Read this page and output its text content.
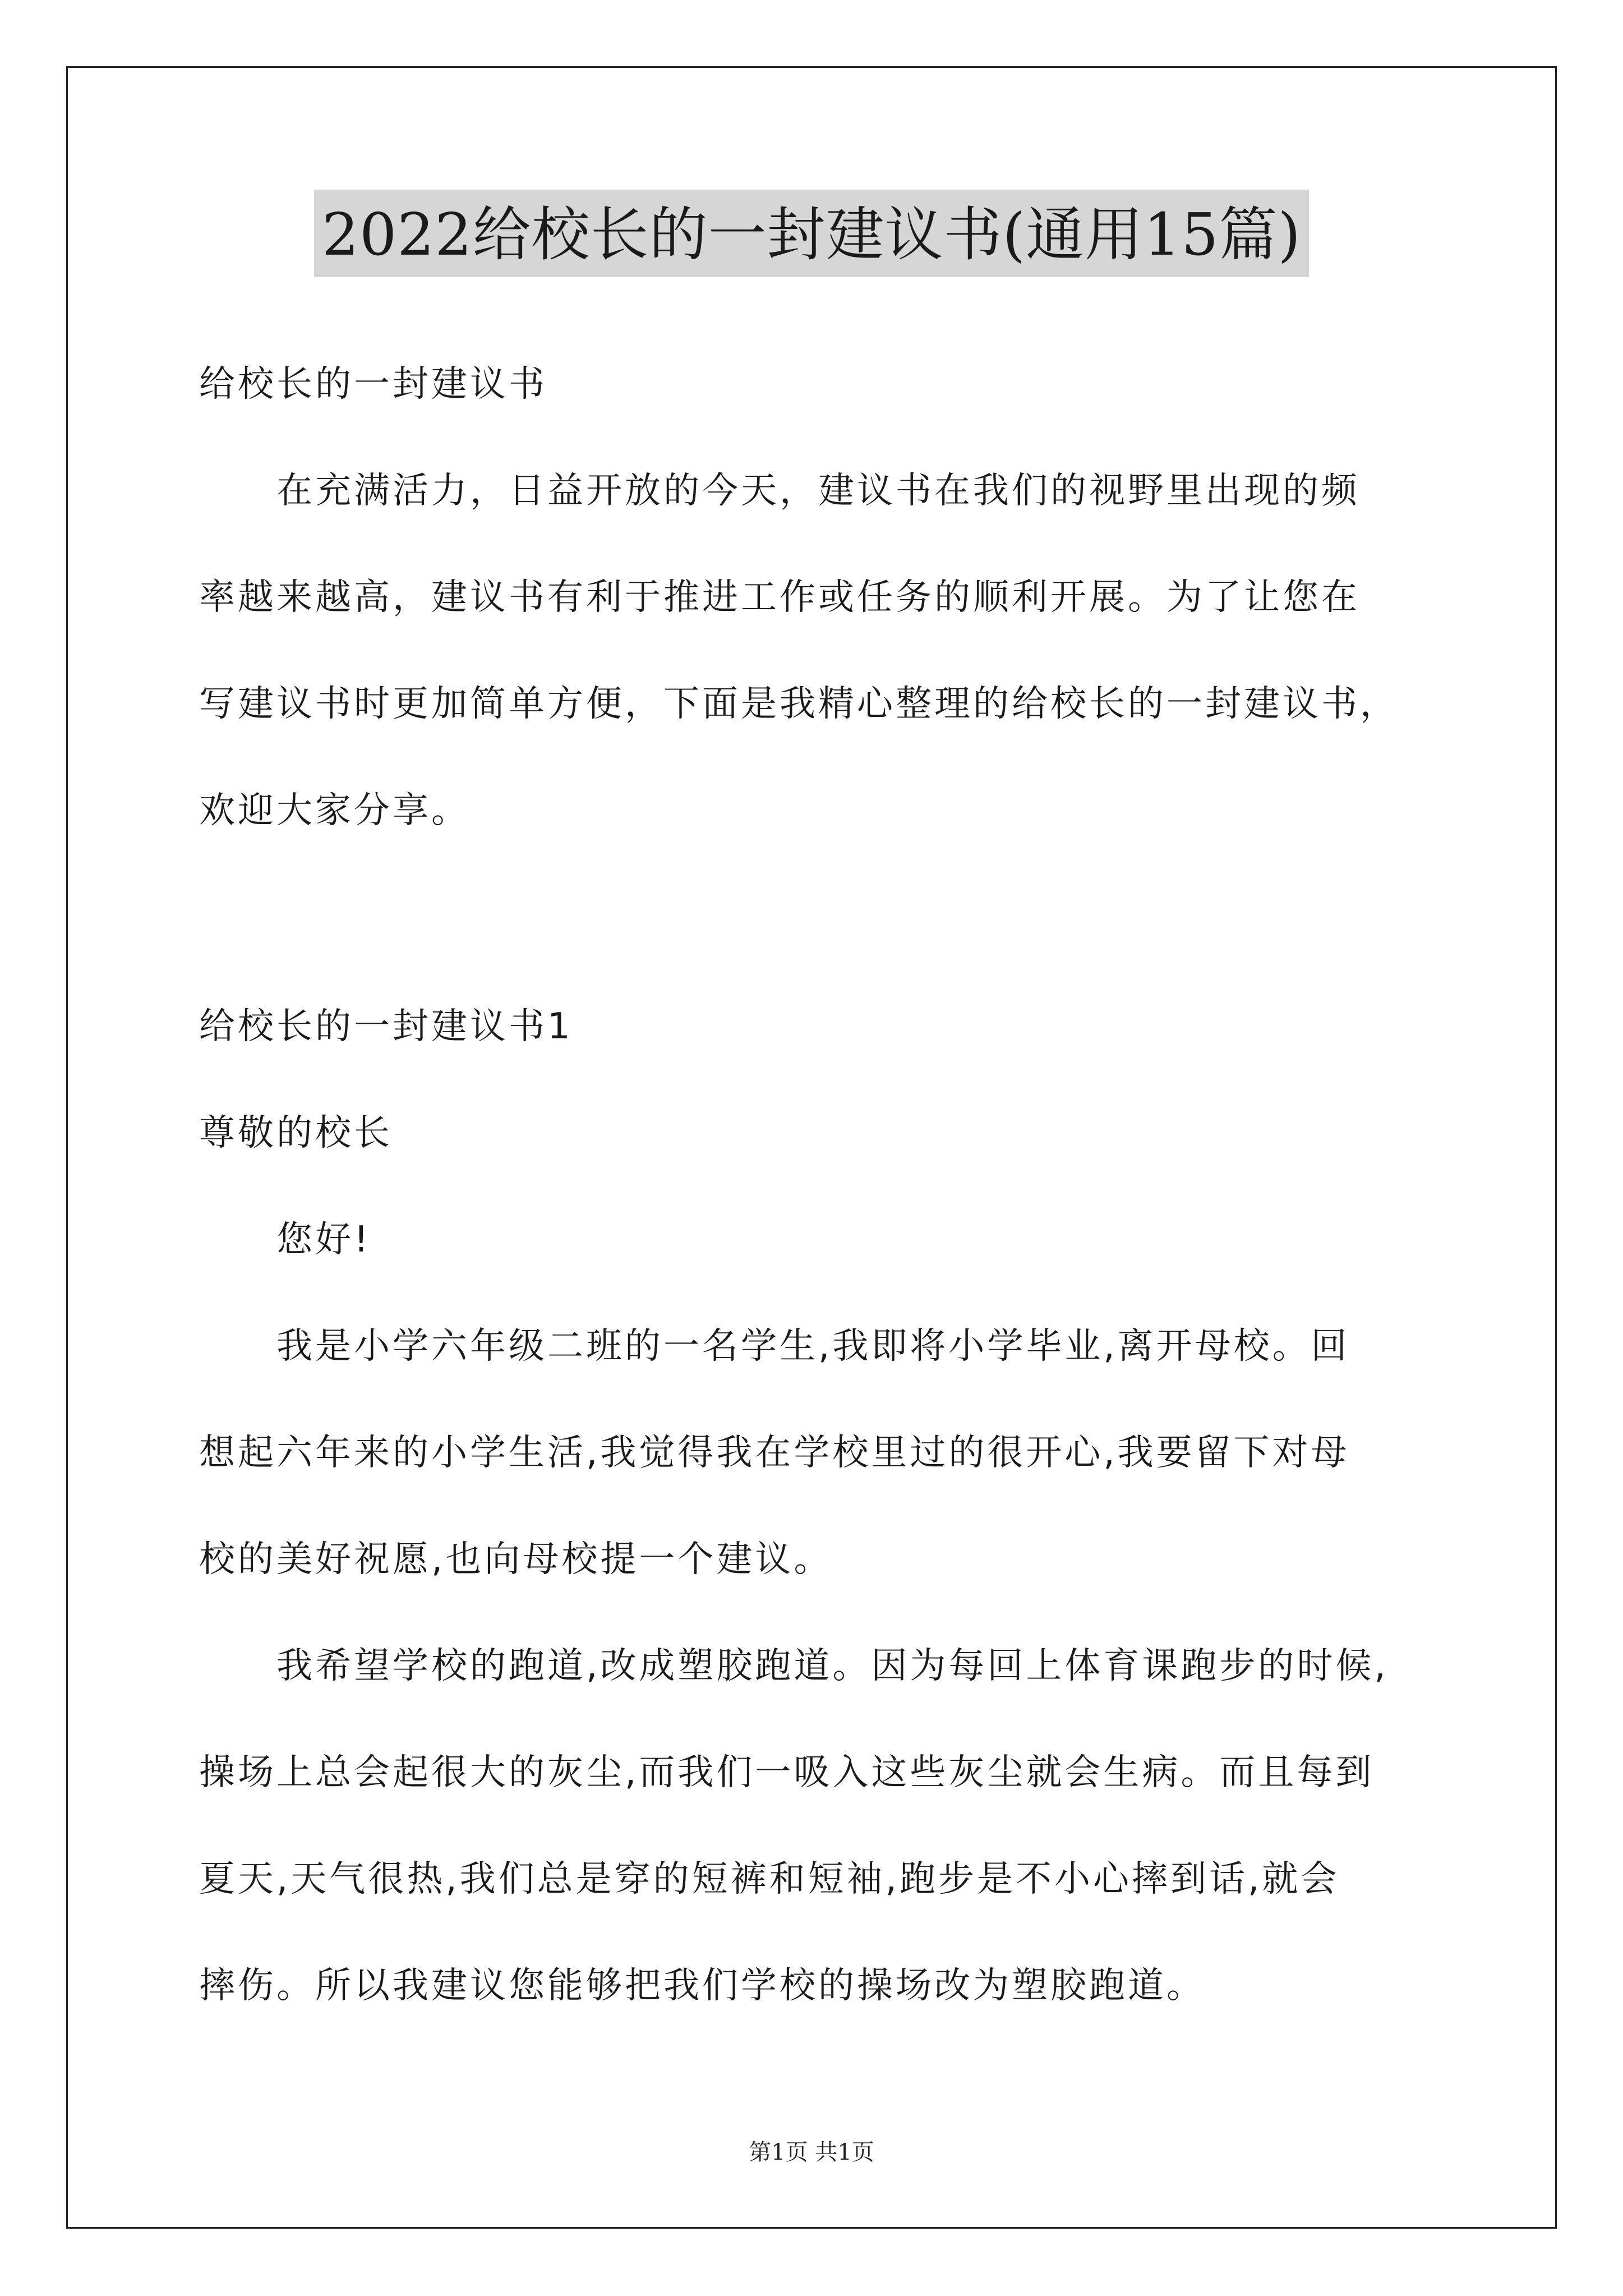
2022给校长的一封建议书(通用15篇)
给校长的一封建议书
　　在充满活力，日益开放的今天，建议书在我们的视野里出现的频
率越来越高，建议书有利于推进工作或任务的顺利开展。为了让您在
写建议书时更加简单方便，下面是我精心整理的给校长的一封建议书，
欢迎大家分享。
给校长的一封建议书1
尊敬的校长
　　您好!
　　我是小学六年级二班的一名学生,我即将小学毕业,离开母校。回
想起六年来的小学生活,我觉得我在学校里过的很开心,我要留下对母
校的美好祝愿,也向母校提一个建议。
　　我希望学校的跑道,改成塑胶跑道。因为每回上体育课跑步的时候,
操场上总会起很大的灰尘,而我们一吸入这些灰尘就会生病。而且每到
夏天,天气很热,我们总是穿的短裤和短袖,跑步是不小心摔到话,就会
摔伤。所以我建议您能够把我们学校的操场改为塑胶跑道。
第1页 共1页
